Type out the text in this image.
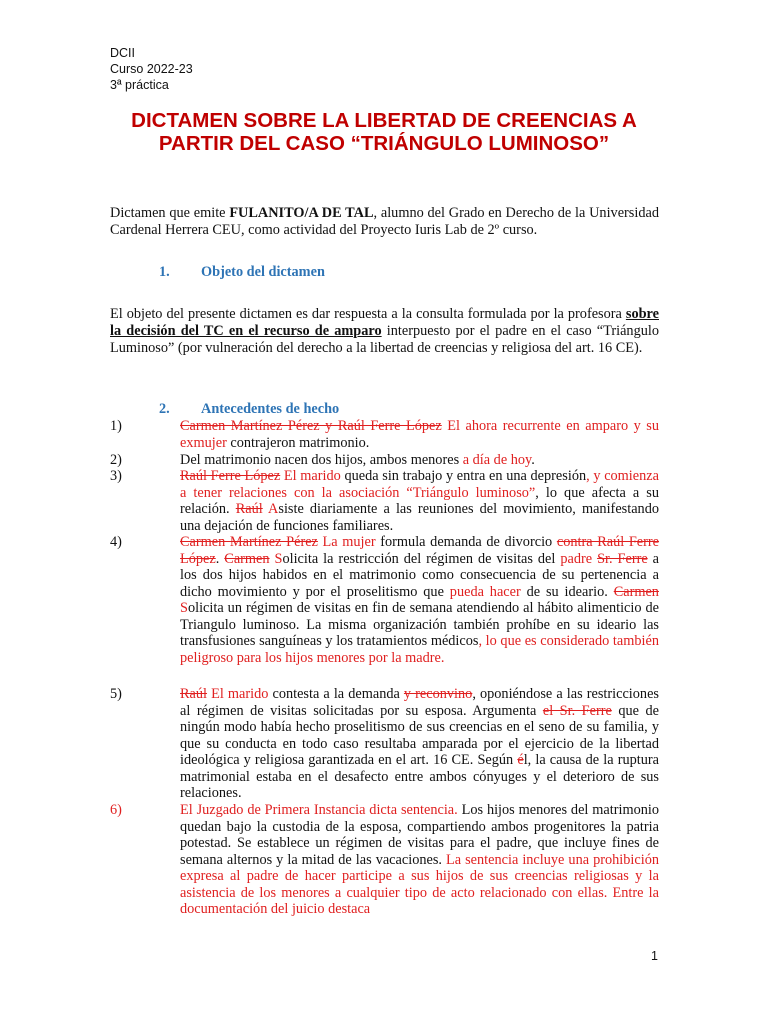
DCII
Curso 2022-23
3ª práctica
DICTAMEN SOBRE LA LIBERTAD DE CREENCIAS A
PARTIR DEL CASO “TRIÁNGULO LUMINOSO”

Dictamen que emite FULANITO/A DE TAL, alumno del Grado en Derecho de la Universidad Cardenal Herrera CEU, como actividad del Proyecto Iuris Lab de 2º curso.

1. Objeto del dictamen

El objeto del presente dictamen es dar respuesta a la consulta formulada por la profesora sobre la decisión del TC en el recurso de amparo interpuesto por el padre en el caso “Triángulo Luminoso” (por vulneración del derecho a la libertad de creencias y religiosa del art. 16 CE).

2. Antecedentes de hecho
1)	Carmen Martínez Pérez y Raúl Ferre López El ahora recurrente en amparo y su exmujer contrajeron matrimonio.
2)	Del matrimonio nacen dos hijos, ambos menores a día de hoy.
3)	Raúl Ferre López El marido queda sin trabajo y entra en una depresión, y comienza a tener relaciones con la asociación “Triángulo luminoso”, lo que afecta a su relación. Raúl Asiste diariamente a las reuniones del movimiento, manifestando una dejación de funciones familiares.
4)	Carmen Martínez Pérez La mujer formula demanda de divorcio contra Raúl Ferre López. Carmen Solicita la restricción del régimen de visitas del padre Sr. Ferre a los dos hijos habidos en el matrimonio como consecuencia de su pertenencia a dicho movimiento y por el proselitismo que pueda hacer de su ideario. Carmen Solicita un régimen de visitas en fin de semana atendiendo al hábito alimenticio de Triangulo luminoso. La misma organización también prohíbe en su ideario las transfusiones sanguíneas y los tratamientos médicos, lo que es considerado también peligroso para los hijos menores por la madre.
5)	Raúl El marido contesta a la demanda y reconvino, oponiéndose a las restricciones al régimen de visitas solicitadas por su esposa. Argumenta el Sr. Ferre que de ningún modo había hecho proselitismo de sus creencias en el seno de su familia, y que su conducta en todo caso resultaba amparada por el ejercicio de la libertad ideológica y religiosa garantizada en el art. 16 CE. Según él, la causa de la ruptura matrimonial estaba en el desafecto entre ambos cónyuges y el deterioro de sus relaciones.
6)	El Juzgado de Primera Instancia dicta sentencia. Los hijos menores del matrimonio quedan bajo la custodia de la esposa, compartiendo ambos progenitores la patria potestad. Se establece un régimen de visitas para el padre, que incluye fines de semana alternos y la mitad de las vacaciones. La sentencia incluye una prohibición expresa al padre de hacer participe a sus hijos de sus creencias religiosas y la asistencia de los menores a cualquier tipo de acto relacionado con ellas. Entre la documentación del juicio destaca
1
